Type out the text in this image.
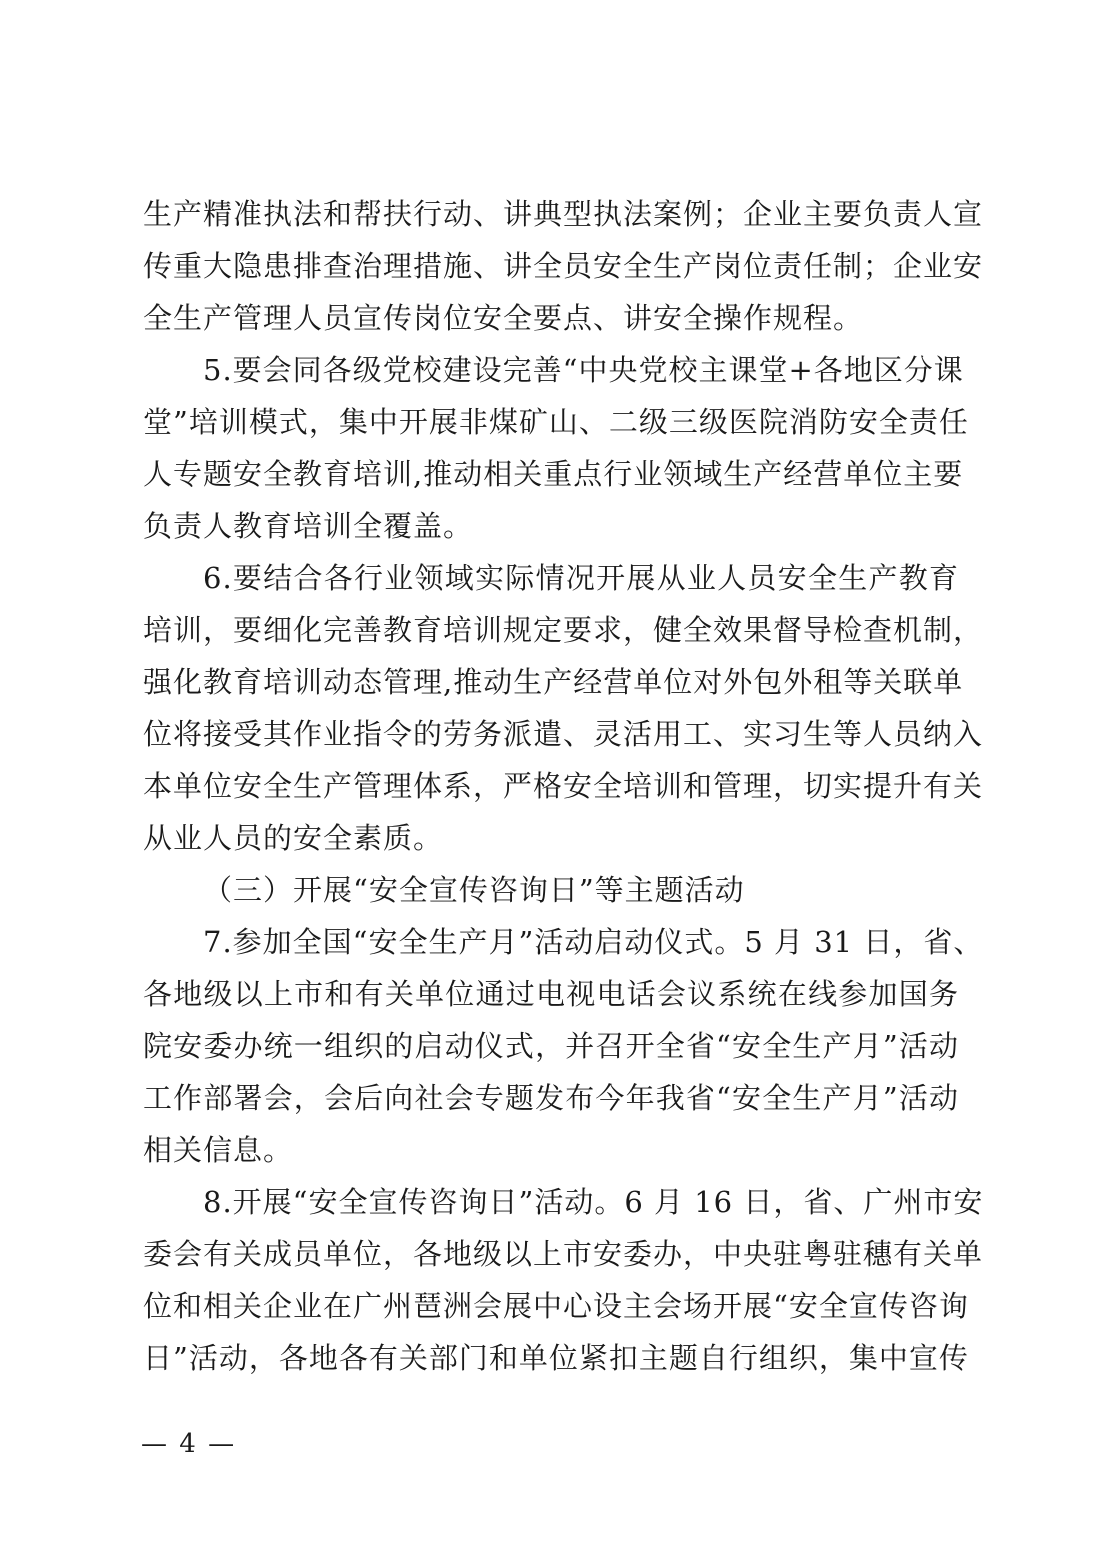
生产精准执法和帮扶行动、讲典型执法案例；企业主要负责人宣
传重大隐患排查治理措施、讲全员安全生产岗位责任制；企业安
全生产管理人员宣传岗位安全要点、讲安全操作规程。
5.要会同各级党校建设完善“中央党校主课堂+各地区分课
堂”培训模式，集中开展非煤矿山、二级三级医院消防安全责任
人专题安全教育培训,推动相关重点行业领域生产经营单位主要
负责人教育培训全覆盖。
6.要结合各行业领域实际情况开展从业人员安全生产教育
培训，要细化完善教育培训规定要求，健全效果督导检查机制，
强化教育培训动态管理,推动生产经营单位对外包外租等关联单
位将接受其作业指令的劳务派遣、灵活用工、实习生等人员纳入
本单位安全生产管理体系，严格安全培训和管理，切实提升有关
从业人员的安全素质。
（三）开展“安全宣传咨询日”等主题活动
7.参加全国“安全生产月”活动启动仪式。5 月 31 日，省、
各地级以上市和有关单位通过电视电话会议系统在线参加国务
院安委办统一组织的启动仪式，并召开全省“安全生产月”活动
工作部署会，会后向社会专题发布今年我省“安全生产月”活动
相关信息。
8.开展“安全宣传咨询日”活动。6 月 16 日，省、广州市安
委会有关成员单位，各地级以上市安委办，中央驻粤驻穗有关单
位和相关企业在广州琶洲会展中心设主会场开展“安全宣传咨询
日”活动，各地各有关部门和单位紧扣主题自行组织，集中宣传
— 4 —
